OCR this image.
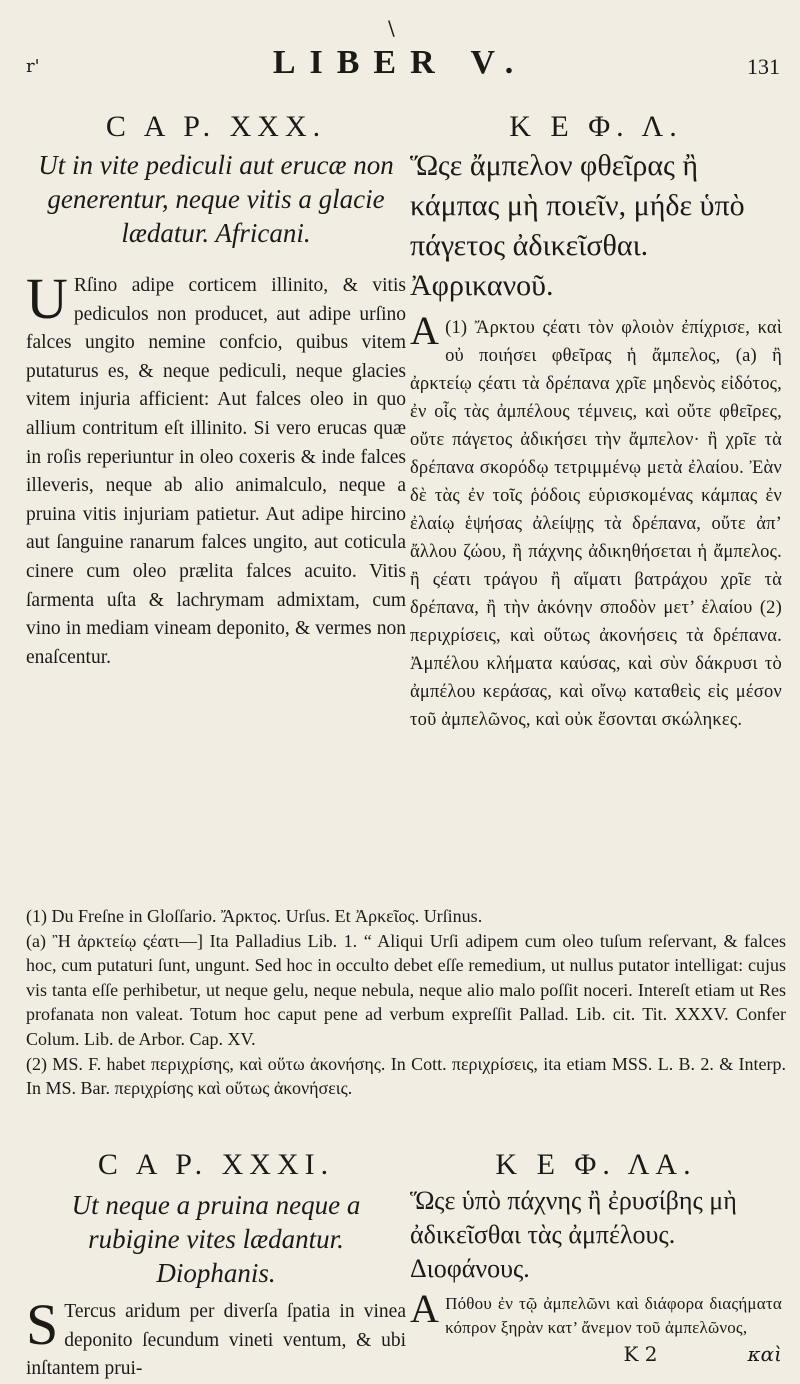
\
r'	LIBER V.	131
C A P. XXX.
Ut in vite pediculi aut erucæ non generentur, neque vitis a glacie lædatur. Africani.
U Rſino adipe corticem illinito, & vitis pediculos non producet, aut adipe urſino falces ungito nemine confcio, quibus vitem putaturus es, & neque pediculi, neque glacies vitem injuria afficient: Aut falces oleo in quo allium contritum eſt illinito. Si vero erucas quæ in roſis reperiuntur in oleo coxeris & inde falces illeveris, neque ab alio animalculo, neque a pruina vitis injuriam patietur. Aut adipe hircino aut ſanguine ranarum falces ungito, aut coticula cinere cum oleo prælita falces acuito. Vitis ſarmenta uſta & lachrymam admixtam, cum vino in mediam vineam deponito, & vermes non enaſcentur.
Κ Ε Φ. Λ.
Ὥςε ἄμπελον φθεῖρας ἢ κάμπας μὴ ποιεῖν, μήδε ὑπὸ πάγετος ἀδικεῖσθαι. Ἀφρικανοῦ.
Α (1) Ἄρκτου ςέατι τὸν φλοιὸν ἐπίχρισε, καὶ οὐ ποιήσει φθεῖρας ἡ ἄμπελος, (a) ἢ ἀρκτείῳ ςέατι τὰ δρέπανα χρῖε μηδενὸς εἰδότος, ἐν οἷς τὰς ἀμπέλους τέμνεις, καὶ οὔτε φθεῖρες, οὔτε πάγετος ἀδικήσει τὴν ἄμπελον· ἢ χρῖε τὰ δρέπανα σκορόδῳ τετριμμένῳ μετὰ ἐλαίου. Ἐὰν δὲ τὰς ἐν τοῖς ῥόδοις εὑρισκομένας κάμπας ἐν ἐλαίῳ ἑψήσας ἀλείψῃς τὰ δρέπανα, οὔτε ἀπ’ ἄλλου ζώου, ἢ πάχνης ἀδικηθήσεται ἡ ἄμπελος. ἢ ςέατι τράγου ἢ αἵματι βατράχου χρῖε τὰ δρέπανα, ἢ τὴν ἀκόνην σποδὸν μετ’ ἐλαίου (2) περιχρίσεις, καὶ οὕτως ἀκονήσεις τὰ δρέπανα. Ἀμπέλου κλήματα καύσας, καὶ σὺν δάκρυσι τὸ ἀμπέλου κεράσας, καὶ οἴνῳ καταθεὶς εἰς μέσον τοῦ ἀμπελῶνος, καὶ οὐκ ἔσονται σκώληκες.

(1) Du Freſne in Gloſſario. Ἄρκτος. Urſus. Et Ἀρκεῖος. Urſinus.

(a) Ἢ ἀρκτείῳ ςέατι—] Ita Palladius Lib. 1. “ Aliqui Urſi adipem cum oleo tuſum reſervant, & falces hoc, cum putaturi ſunt, ungunt. Sed hoc in occulto debet eſſe remedium, ut nullus putator intelligat: cujus vis tanta eſſe perhibetur, ut neque gelu, neque nebula, neque alio malo poſſit noceri. Intereſt etiam ut Res profanata non valeat. Totum hoc caput pene ad verbum expreſſit Pallad. Lib. cit. Tit. XXXV. Confer Colum. Lib. de Arbor. Cap. XV.

(2) MS. F. habet περιχρίσης, καὶ οὕτω ἀκονήσης. In Cott. περιχρίσεις, ita etiam MSS. L. B. 2. & Interp. In MS. Bar. περιχρίσης καὶ οὕτως ἀκονήσεις.

C A P. XXXI.
Ut neque a pruina neque a rubigine vites lædantur. Diophanis.
S Tercus aridum per diverſa ſpatia in vinea deponito ſecundum vineti ventum, & ubi inſtantem prui-
Κ Ε Φ. ΛΑ.
Ὥςε ὑπὸ πάχνης ἢ ἐρυσίβης μὴ ἀδικεῖσθαι τὰς ἀμπέλους. Διοφάνους.
Α Πόθου ἐν τῷ ἀμπελῶνι καὶ διάφορα διαςήματα κόπρον ξηρὰν κατ’ ἄνεμον τοῦ ἀμπελῶνος,
K 2	καὶ
